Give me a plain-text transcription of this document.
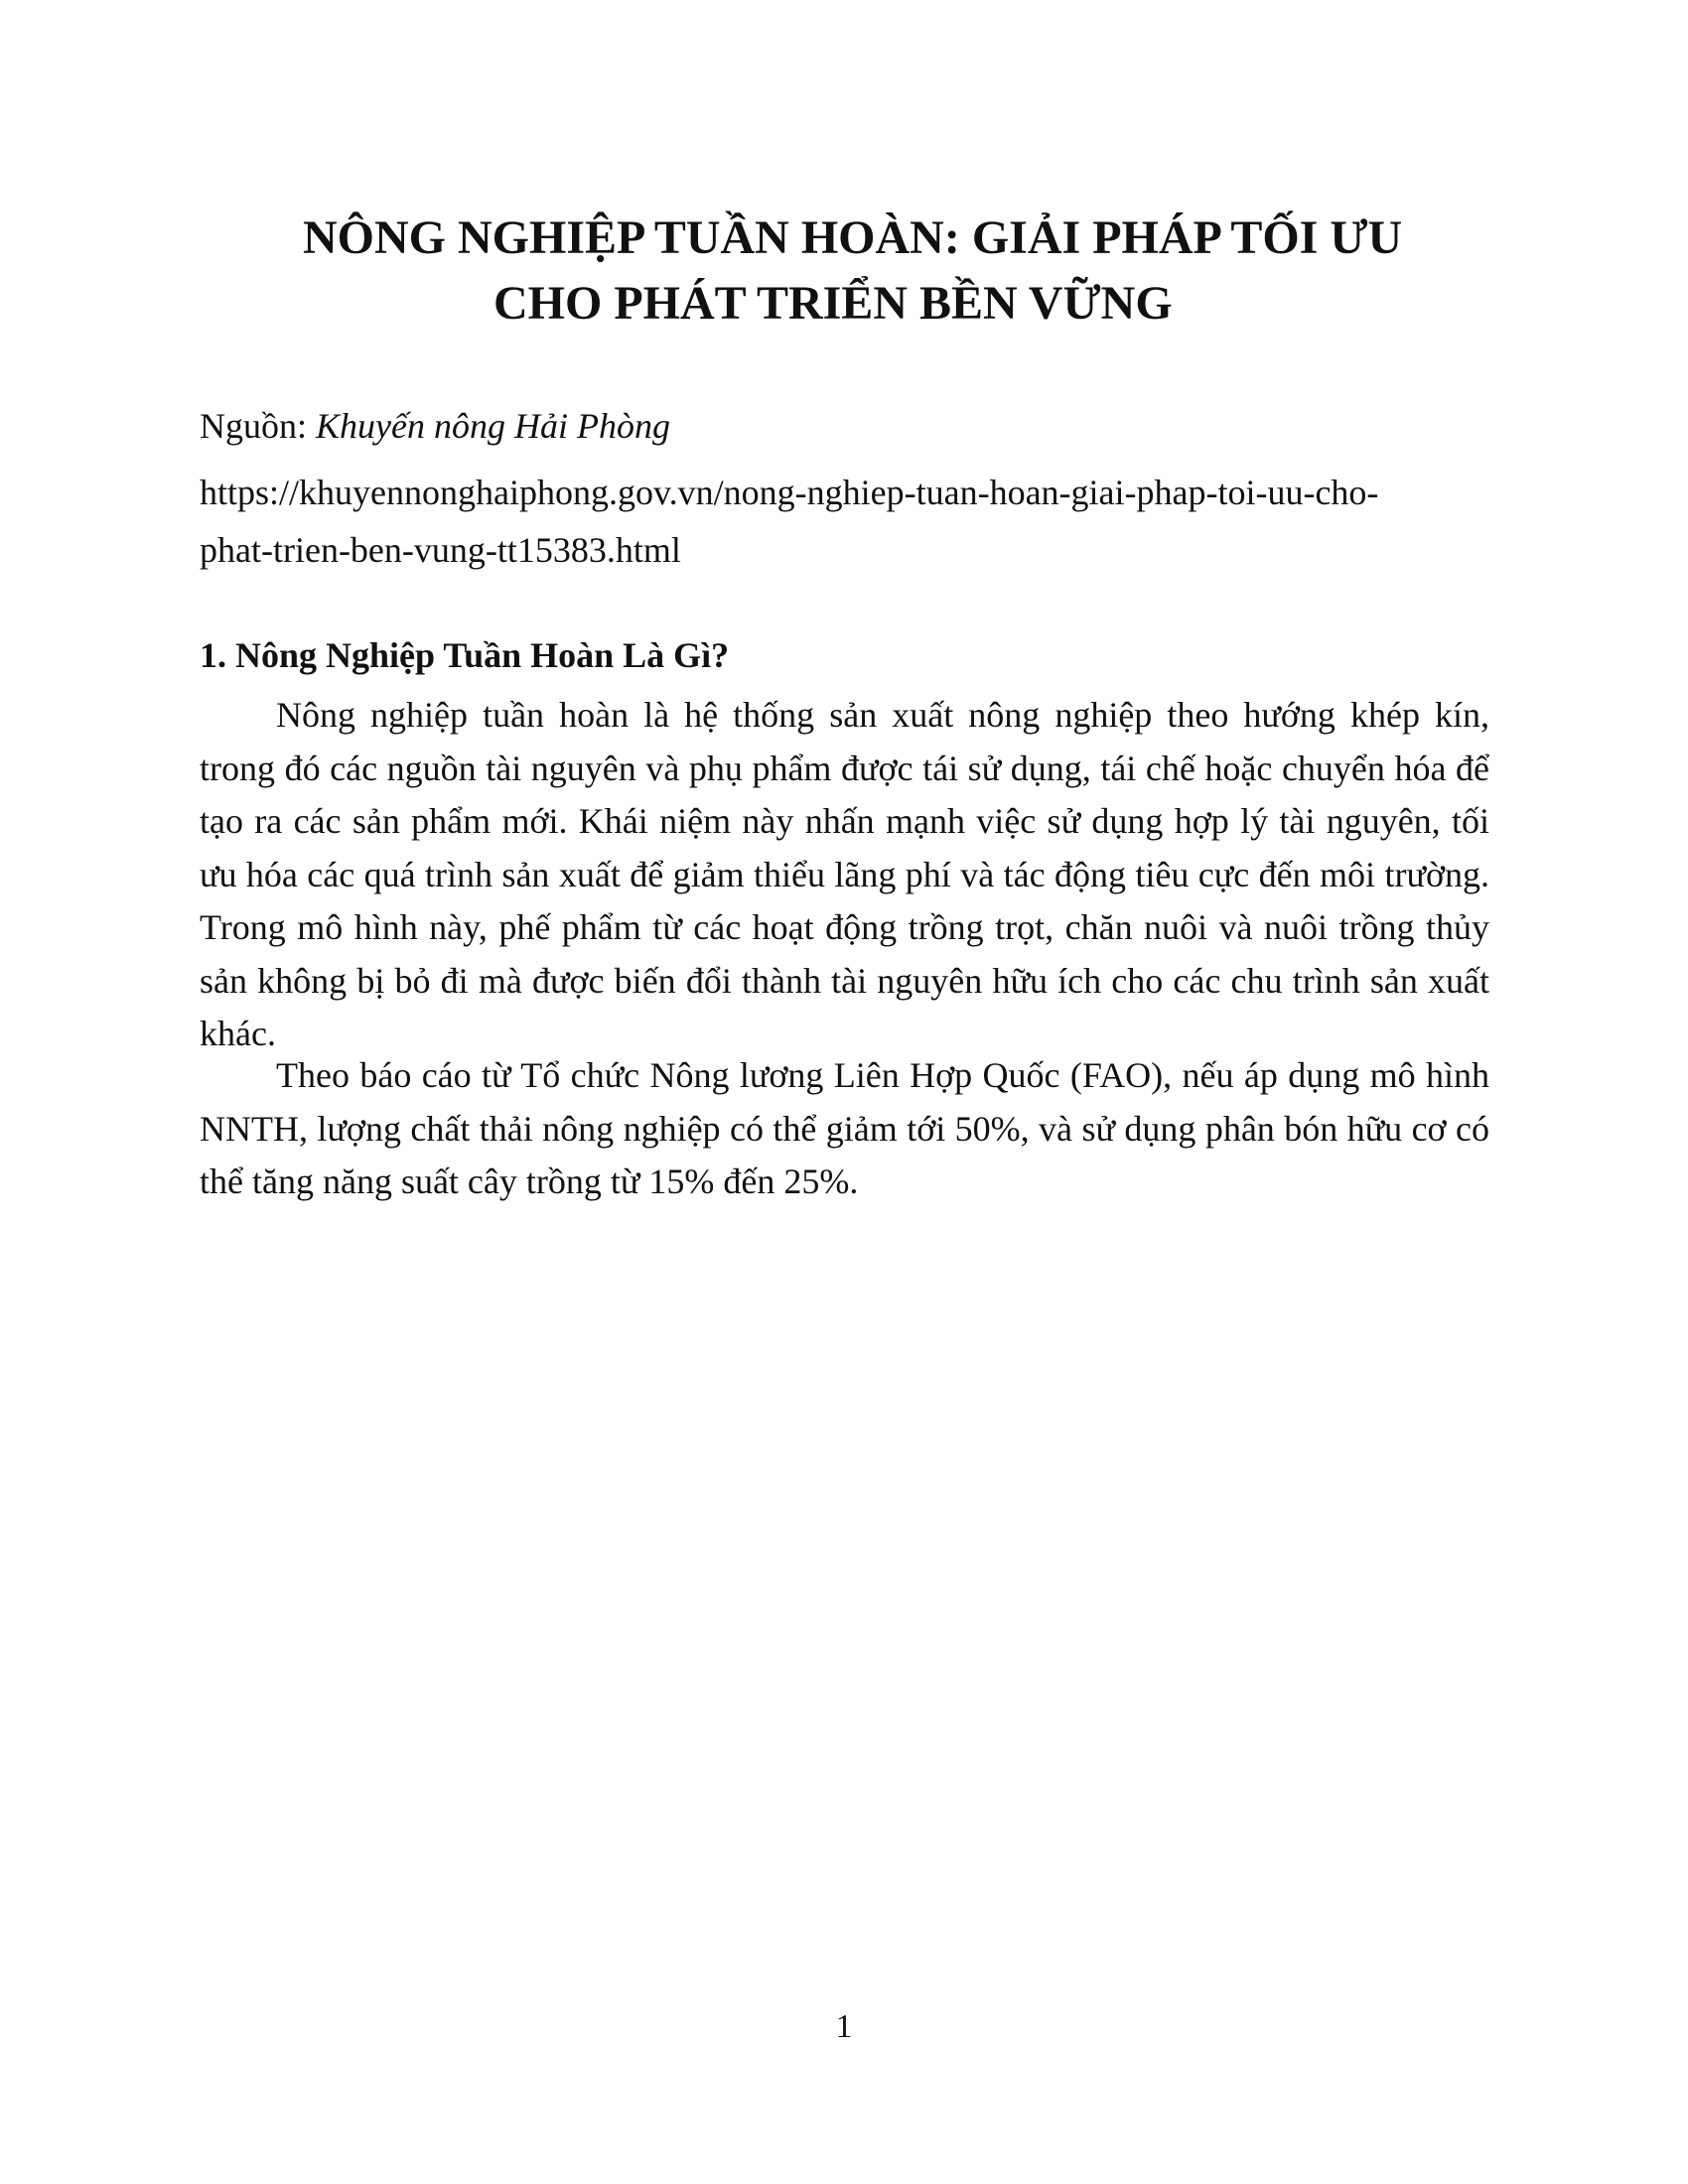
NÔNG NGHIỆP TUẦN HOÀN: GIẢI PHÁP TỐI ƯU
CHO PHÁT TRIỂN BỀN VỮNG

Nguồn: Khuyến nông Hải Phòng

https://khuyennonghaiphong.gov.vn/nong-nghiep-tuan-hoan-giai-phap-toi-uu-cho-
phat-trien-ben-vung-tt15383.html

1. Nông Nghiệp Tuần Hoàn Là Gì?

Nông nghiệp tuần hoàn là hệ thống sản xuất nông nghiệp theo hướng khép kín, trong đó các nguồn tài nguyên và phụ phẩm được tái sử dụng, tái chế hoặc chuyển hóa để tạo ra các sản phẩm mới. Khái niệm này nhấn mạnh việc sử dụng hợp lý tài nguyên, tối ưu hóa các quá trình sản xuất để giảm thiểu lãng phí và tác động tiêu cực đến môi trường. Trong mô hình này, phế phẩm từ các hoạt động trồng trọt, chăn nuôi và nuôi trồng thủy sản không bị bỏ đi mà được biến đổi thành tài nguyên hữu ích cho các chu trình sản xuất khác.

Theo báo cáo từ Tổ chức Nông lương Liên Hợp Quốc (FAO), nếu áp dụng mô hình NNTH, lượng chất thải nông nghiệp có thể giảm tới 50%, và sử dụng phân bón hữu cơ có thể tăng năng suất cây trồng từ 15% đến 25%.

1
